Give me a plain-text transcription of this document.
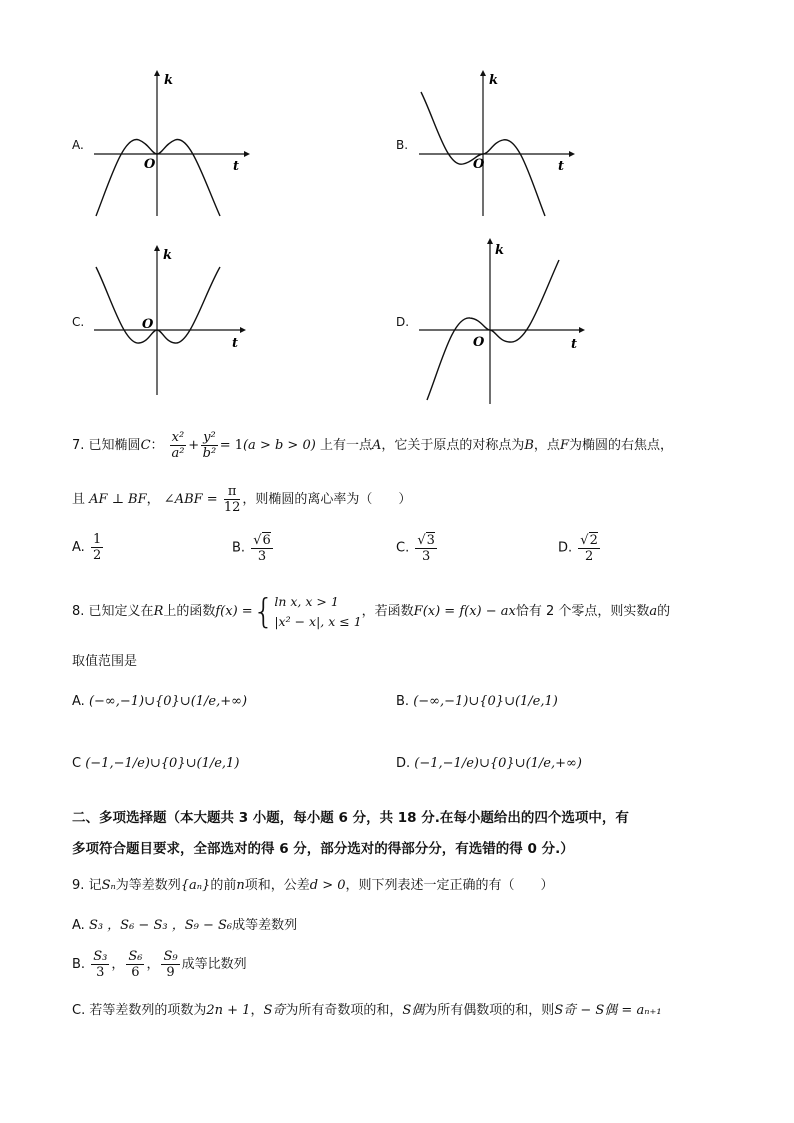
A.
k
O	t
B.
k
O	t
C.
k
O
t
D.
k
O	t
7. 已知椭圆C： $\frac{\text{x²}}{\text{a²}} + \frac{\text{y²}}{\text{b²}} = 1(a > b > 0)$ 上有一点A，它关于原点的对称点为B，点F为椭圆的右焦点，
且 AF ⊥ BF， ∠ABF = $\frac{\pi}{12}$ ，则椭圆的离心率为（　　）
A. $\frac{1}{2}$	B. $\frac{√6}{3}$	C. $\frac{√3}{3}$	D. $\frac{√2}{2}$
8. 已知定义在R上的函数f(x) ={ ln x, x > 1
|x² − x|, x ≤ 1
，若函数F(x) = f(x) − ax恰有 2 个零点，则实数a的
取值范围是
A. (−∞,−1)∪{0}∪(1/e,+∞)	B. (−∞,−1)∪{0}∪(1/e,1)
C (−1,−1/e)∪{0}∪(1/e,1)	D. (−1,−1/e)∪{0}∪(1/e,+∞)
二、多项选择题（本大题共 3 小题，每小题 6 分，共 18 分.在每小题给出的四个选项中，有
多项符合题目要求，全部选对的得 6 分，部分选对的得部分分，有选错的得 0 分.）
9. 记Sₙ为等差数列{aₙ}的前n项和，公差d > 0，则下列表述一定正确的有（　　）
A. S₃ ，S₆ − S₃ ，S₉ − S₆成等差数列
B. $\frac{\text{S₃}}{3}$ ， $\frac{\text{S₆}}{6}$ ， $\frac{\text{S₉}}{9}$ 成等比数列
C. 若等差数列的项数为2n + 1，S奇为所有奇数项的和，S偶为所有偶数项的和，则S奇 − S偶 = aₙ₊₁
